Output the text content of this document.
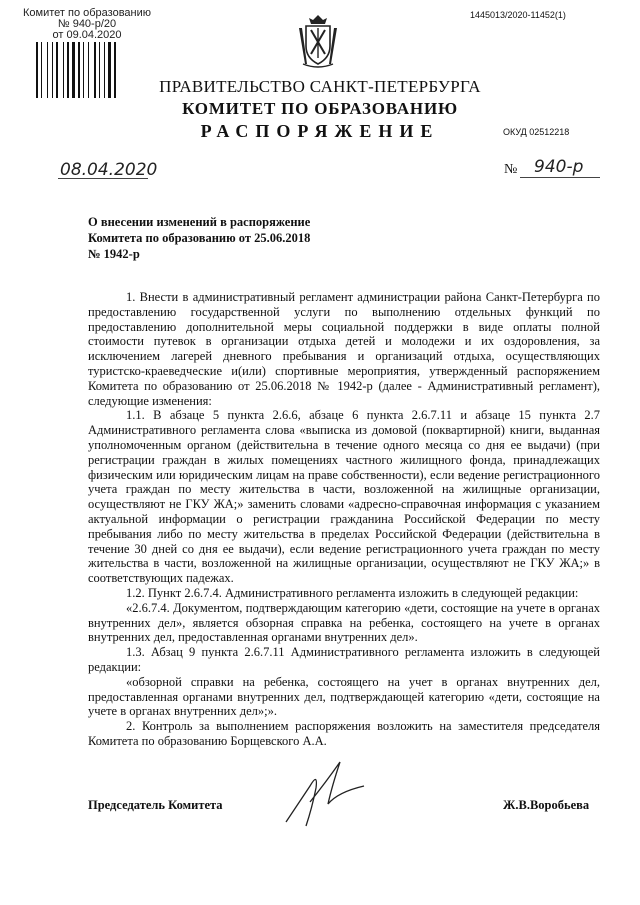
Комитет по образованию
№ 940-р/20
от 09.04.2020
1445013/2020-11452(1)
ПРАВИТЕЛЬСТВО САНКТ-ПЕТЕРБУРГА
КОМИТЕТ ПО ОБРАЗОВАНИЮ
РАСПОРЯЖЕНИЕ	ОКУД 02512218
08.04.2020	№ 940-р
О внесении изменений в распоряжение
Комитета по образованию от 25.06.2018
№ 1942-р

1. Внести в административный регламент администрации района Санкт-Петербурга по предоставлению государственной услуги по выполнению отдельных функций по предоставлению дополнительной меры социальной поддержки в виде оплаты полной стоимости путевок в организации отдыха детей и молодежи и их оздоровления, за исключением лагерей дневного пребывания и организаций отдыха, осуществляющих туристско-краеведческие и(или) спортивные мероприятия, утвержденный распоряжением Комитета по образованию от 25.06.2018 № 1942-р (далее - Административный регламент), следующие изменения:

1.1. В абзаце 5 пункта 2.6.6, абзаце 6 пункта 2.6.7.11 и абзаце 15 пункта 2.7 Административного регламента слова «выписка из домовой (поквартирной) книги, выданная уполномоченным органом (действительна в течение одного месяца со дня ее выдачи) (при регистрации граждан в жилых помещениях частного жилищного фонда, принадлежащих физическим или юридическим лицам на праве собственности), если ведение регистрационного учета граждан по месту жительства в части, возложенной на жилищные организации, осуществляют не ГКУ ЖА;» заменить словами «адресно-справочная информация с указанием актуальной информации о регистрации гражданина Российской Федерации по месту пребывания либо по месту жительства в пределах Российской Федерации (действительна в течение 30 дней со дня ее выдачи), если ведение регистрационного учета граждан по месту жительства в части, возложенной на жилищные организации, осуществляют не ГКУ ЖА;» в соответствующих падежах.

1.2. Пункт 2.6.7.4. Административного регламента изложить в следующей редакции:

«2.6.7.4. Документом, подтверждающим категорию «дети, состоящие на учете в органах внутренних дел», является обзорная справка на ребенка, состоящего на учете в органах внутренних дел, предоставленная органами внутренних дел».

1.3. Абзац 9 пункта 2.6.7.11 Административного регламента изложить в следующей редакции:

«обзорной справки на ребенка, состоящего на учет в органах внутренних дел, предоставленная органами внутренних дел, подтверждающей категорию «дети, состоящие на учете в органах внутренних дел»;».

2. Контроль за выполнением распоряжения возложить на заместителя председателя Комитета по образованию Борщевского А.А.

Председатель Комитета	Ж.В.Воробьева
